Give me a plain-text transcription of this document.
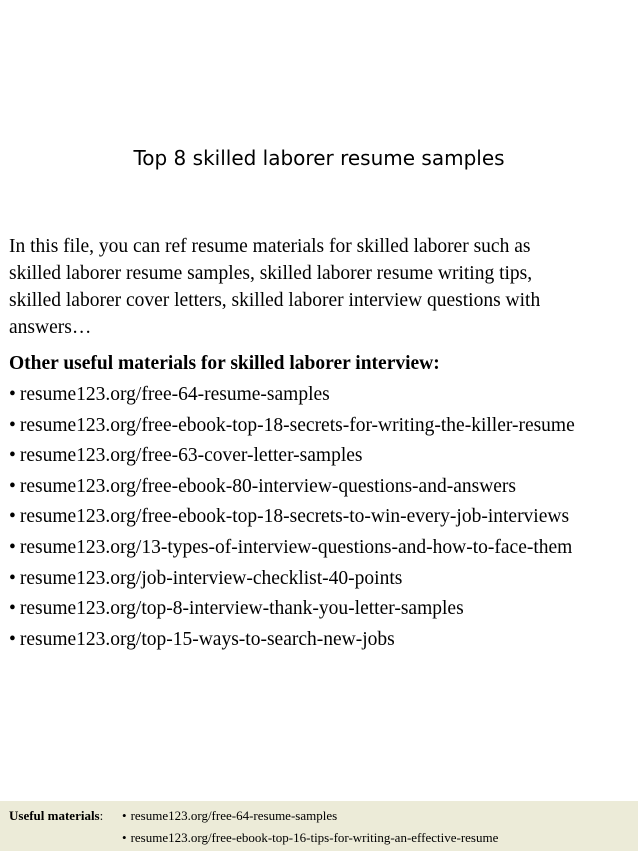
Top 8 skilled laborer resume samples
In this file, you can ref resume materials for skilled laborer such as
skilled laborer resume samples, skilled laborer resume writing tips,
skilled laborer cover letters, skilled laborer interview questions with
answers…
Other useful materials for skilled laborer interview:
• resume123.org/free-64-resume-samples
• resume123.org/free-ebook-top-18-secrets-for-writing-the-killer-resume
• resume123.org/free-63-cover-letter-samples
• resume123.org/free-ebook-80-interview-questions-and-answers
• resume123.org/free-ebook-top-18-secrets-to-win-every-job-interviews
• resume123.org/13-types-of-interview-questions-and-how-to-face-them
• resume123.org/job-interview-checklist-40-points
• resume123.org/top-8-interview-thank-you-letter-samples
• resume123.org/top-15-ways-to-search-new-jobs
Useful materials: • resume123.org/free-64-resume-samples
• resume123.org/free-ebook-top-16-tips-for-writing-an-effective-resume
